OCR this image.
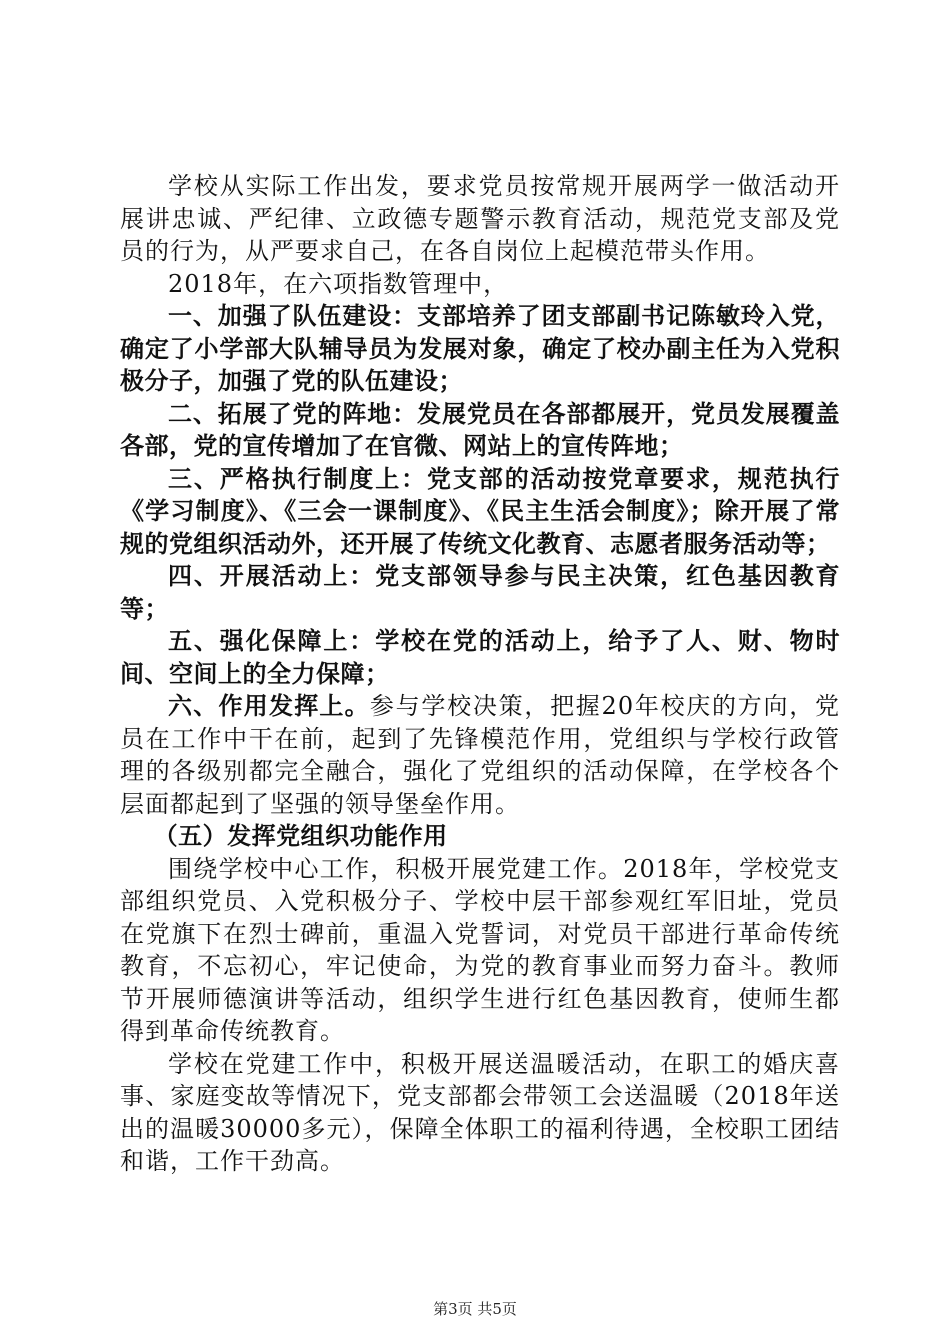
学校从实际工作出发，要求党员按常规开展两学一做活动开展讲忠诚、严纪律、立政德专题警示教育活动，规范党支部及党员的行为，从严要求自己，在各自岗位上起模范带头作用。

2018年，在六项指数管理中，

一、加强了队伍建设：支部培养了团支部副书记陈敏玲入党，确定了小学部大队辅导员为发展对象，确定了校办副主任为入党积极分子，加强了党的队伍建设；

二、拓展了党的阵地：发展党员在各部都展开，党员发展覆盖各部，党的宣传增加了在官微、网站上的宣传阵地；

三、严格执行制度上：党支部的活动按党章要求，规范执行《学习制度》、《三会一课制度》、《民主生活会制度》；除开展了常规的党组织活动外，还开展了传统文化教育、志愿者服务活动等；

四、开展活动上：党支部领导参与民主决策，红色基因教育等；

五、强化保障上：学校在党的活动上，给予了人、财、物时间、空间上的全力保障；

六、作用发挥上。参与学校决策，把握20年校庆的方向，党员在工作中干在前，起到了先锋模范作用，党组织与学校行政管理的各级别都完全融合，强化了党组织的活动保障，在学校各个层面都起到了坚强的领导堡垒作用。

（五）发挥党组织功能作用

围绕学校中心工作，积极开展党建工作。2018年，学校党支部组织党员、入党积极分子、学校中层干部参观红军旧址，党员在党旗下在烈士碑前，重温入党誓词，对党员干部进行革命传统教育，不忘初心，牢记使命，为党的教育事业而努力奋斗。教师节开展师德演讲等活动，组织学生进行红色基因教育，使师生都得到革命传统教育。

学校在党建工作中，积极开展送温暖活动，在职工的婚庆喜事、家庭变故等情况下，党支部都会带领工会送温暖（2018年送出的温暖30000多元），保障全体职工的福利待遇，全校职工团结和谐，工作干劲高。

第3页 共5页
